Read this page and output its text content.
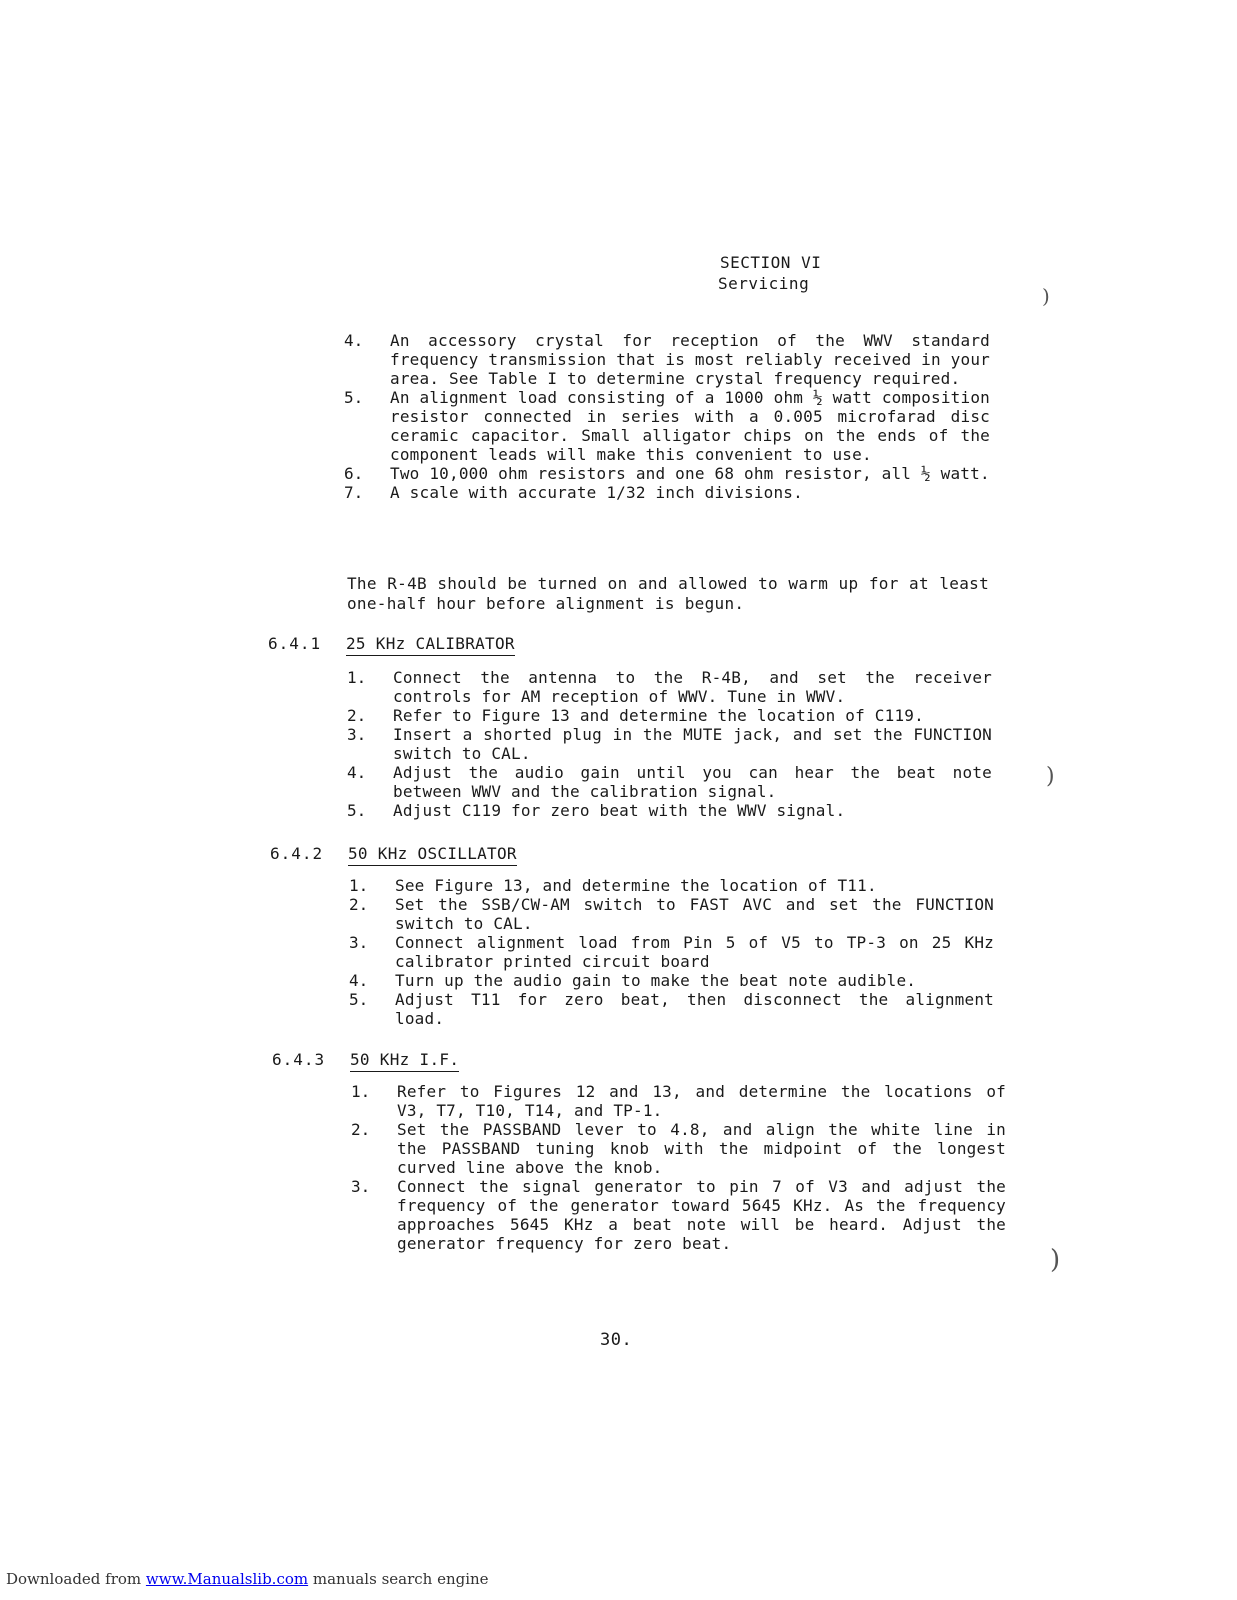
SECTION VI
Servicing
4.	An accessory crystal for reception of the WWV standard frequency transmission that is most reliably received in your area. See Table I to determine crystal frequency required.
5.	An alignment load consisting of a 1000 ohm ½ watt composition resistor connected in series with a 0.005 microfarad disc ceramic capacitor. Small alligator chips on the ends of the component leads will make this convenient to use.
6.	Two 10,000 ohm resistors and one 68 ohm resistor, all ½ watt.
7.	A scale with accurate 1/32 inch divisions.
The R-4B should be turned on and allowed to warm up for at least one-half hour before alignment is begun.
6.4.1	25 KHz CALIBRATOR
1.	Connect the antenna to the R-4B, and set the receiver controls for AM reception of WWV. Tune in WWV.
2.	Refer to Figure 13 and determine the location of C119.
3.	Insert a shorted plug in the MUTE jack, and set the FUNCTION switch to CAL.
4.	Adjust the audio gain until you can hear the beat note between WWV and the calibration signal.
5.	Adjust C119 for zero beat with the WWV signal.
6.4.2	50 KHz OSCILLATOR
1.	See Figure 13, and determine the location of T11.
2.	Set the SSB/CW-AM switch to FAST AVC and set the FUNCTION switch to CAL.
3.	Connect alignment load from Pin 5 of V5 to TP-3 on 25 KHz calibrator printed circuit board
4.	Turn up the audio gain to make the beat note audible.
5.	Adjust T11 for zero beat, then disconnect the alignment load.
6.4.3	50 KHz I.F.
1.	Refer to Figures 12 and 13, and determine the locations of V3, T7, T10, T14, and TP-1.
2.	Set the PASSBAND lever to 4.8, and align the white line in the PASSBAND tuning knob with the midpoint of the longest curved line above the knob.
3.	Connect the signal generator to pin 7 of V3 and adjust the frequency of the generator toward 5645 KHz. As the frequency approaches 5645 KHz a beat note will be heard. Adjust the generator frequency for zero beat.
30.
)
)
)
Downloaded from www.Manualslib.com manuals search engine
